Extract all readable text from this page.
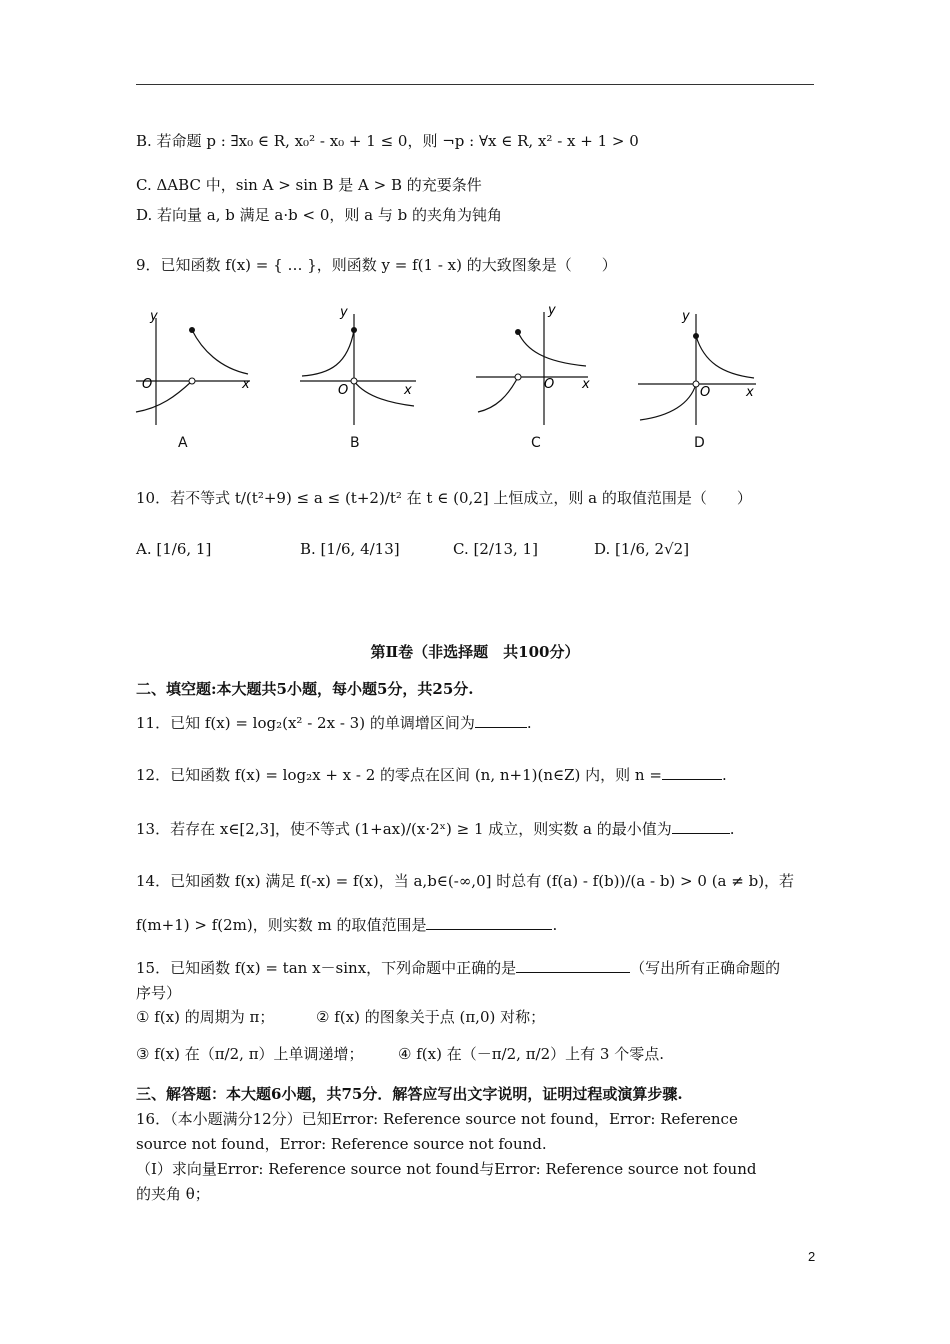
B. 若命题 p : ∃x₀ ∈ R, x₀² - x₀ + 1 ≤ 0，则 ¬p : ∀x ∈ R, x² - x + 1 > 0
C. ΔABC 中，sin A > sin B 是 A > B 的充要条件
D. 若向量 a, b 满足 a·b < 0，则 a 与 b 的夹角为钝角
9．已知函数 f(x) = { … }，则函数 y = f(1 - x) 的大致图象是（　　）
y
O	x
y
O	x
y
O x
y
O	x
A	B	C	D
10．若不等式 t/(t²+9) ≤ a ≤ (t+2)/t² 在 t ∈ (0,2] 上恒成立，则 a 的取值范围是（　　）
A. [1/6, 1]	B. [1/6, 4/13]	C. [2/13, 1]	D. [1/6, 2√2]
第Ⅱ卷（非选择题　共100分）
二、填空题:本大题共5小题，每小题5分，共25分.
11．已知 f(x) = log₂(x² - 2x - 3) 的单调增区间为	.
12．已知函数 f(x) = log₂x + x - 2 的零点在区间 (n, n+1)(n∈Z) 内，则 n =	.
13．若存在 x∈[2,3]，使不等式 (1+ax)/(x·2ˣ) ≥ 1 成立，则实数 a 的最小值为	.
14．已知函数 f(x) 满足 f(-x) = f(x)，当 a,b∈(-∞,0] 时总有 (f(a) - f(b))/(a - b) > 0 (a ≠ b)，若
f(m+1) > f(2m)，则实数 m 的取值范围是	.
15．已知函数 f(x) = tan x－sinx，下列命题中正确的是	（写出所有正确命题的
序号）
① f(x) 的周期为 π；	② f(x) 的图象关于点 (π,0) 对称；
③ f(x) 在（π/2, π）上单调递增； ④ f(x) 在（－π/2, π/2）上有 3 个零点.
三、解答题：本大题6小题，共75分．解答应写出文字说明，证明过程或演算步骤.
16．（本小题满分12分）已知Error: Reference source not found，Error: Reference
source not found，Error: Reference source not found.
（Ⅰ）求向量Error: Reference source not found与Error: Reference source not found
的夹角 θ；
2
